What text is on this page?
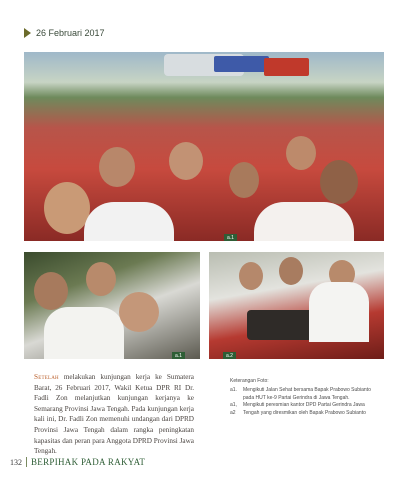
26 Februari 2017
a.1
a.1	a.2
Setelah melakukan kunjungan kerja ke Sumatera Barat, 26 Februari 2017, Wakil Ketua DPR RI Dr. Fadli Zon melanjutkan kunjungan kerjanya ke Semarang Provinsi Jawa Tengah. Pada kunjungan kerja kali ini, Dr. Fadli Zon memenuhi undangan dari DPRD Provinsi Jawa Tengah dalam rangka peningkatan kapasitas dan peran para Anggota DPRD Provinsi Jawa Tengah.
Keterangan Foto:
a1.	Mengikuti Jalan Sehat bersama Bapak Prabowo Subianto pada HUT ke-9 Partai Gerindra di Jawa Tengah.
a1, a2
Mengikuti peresmian kantor DPD Partai Gerindra Jawa Tengah yang diresmikan oleh Bapak Prabowo Subianto
132 BERPIHAK PADA RAKYAT
